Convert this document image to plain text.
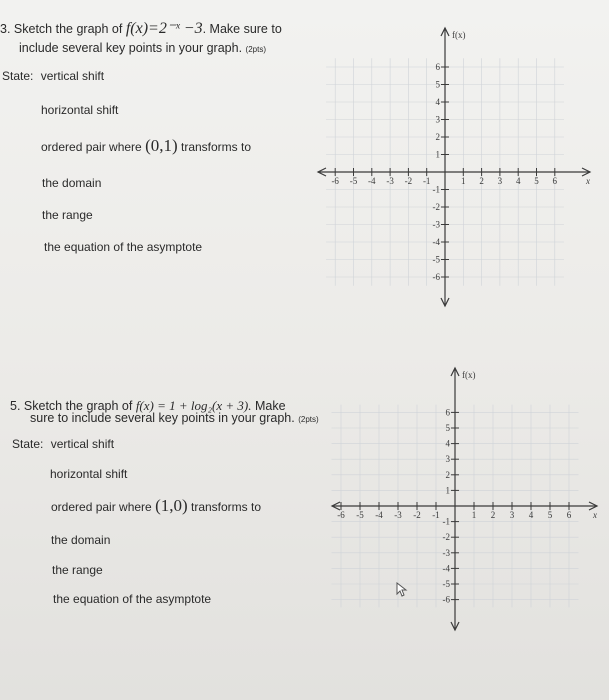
3. Sketch the graph of f(x)=2⁻ˣ −3. Make sure to
include several key points in your graph. (2pts)
State: vertical shift
horizontal shift
ordered pair where (0,1) transforms to
the domain
the range
the equation of the asymptote
5. Sketch the graph of f(x) = 1 + log₂(x + 3). Make
sure to include several key points in your graph. (2pts)
State: vertical shift
horizontal shift
ordered pair where (1,0) transforms to
the domain
the range
the equation of the asymptote
-6 -5 -4 -3 -2 -1	1 2 3 4 5 6
6
5
4
3
2
1
-1
-2
-3
-4
-5
-6
f(x)
x
-6 -5 -4 -3 -2 -1	1 2 3 4 5 6
6
5
4
3
2
1
-1
-2
-3
-4
-5
-6
f(x)
x
